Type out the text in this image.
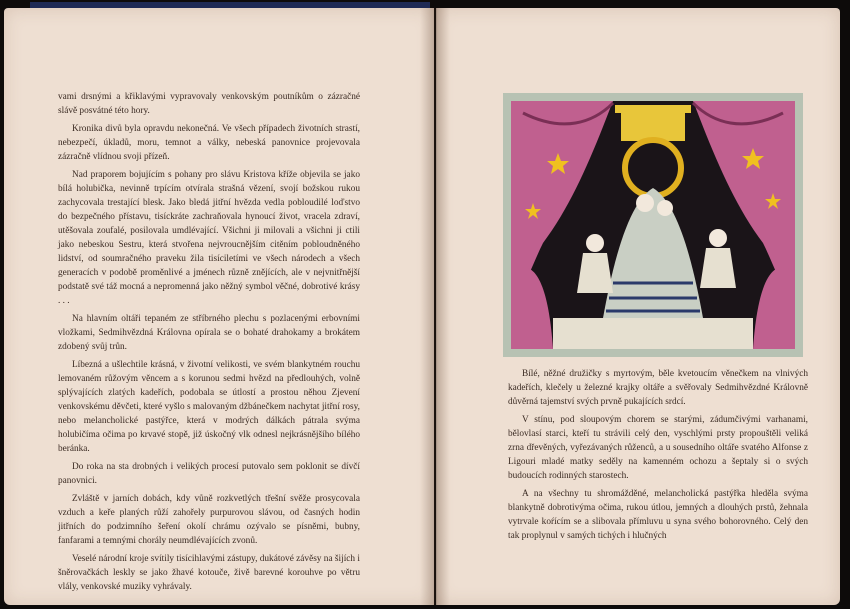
vami drsnými a křiklavými vypravovaly venkovským poutníkům o zázračné slávě posvátné této hory.

Kronika divů byla opravdu nekonečná. Ve všech případech životních strastí, nebezpečí, úkladů, moru, temnot a války, nebeská panovnice projevovala zázračně vlídnou svoji přízeň.

Nad praporem bojujícím s pohany pro slávu Kristova kříže objevila se jako bílá holubička, nevinně trpícím otvírala strašná vězení, svojí božskou rukou zachycovala trestající blesk. Jako bledá jitřní hvězda vedla pobloudilé loďstvo do bezpečného přístavu, tisíckráte zachraňovala hynoucí život, vracela zdraví, utěšovala zoufalé, posilovala umdlévající. Všichni ji milovali a všichni ji ctili jako nebeskou Sestru, která stvořena nejvroucnějším citěním pobloudněného lidství, od soumračného praveku žila tisíciletími ve všech národech a všech generacích v podobě proměnlivé a jménech různě znějících, ale v nejvnitřnější podstatě své táž mocná a nepromenná jako něžný symbol věčné, dobrotivé krásy . . .

Na hlavním oltáři tepaném ze stříbrného plechu s pozlacenými erbovními vložkami, Sedmihvězdná Královna opírala se o bohaté drahokamy a brokátem zdobený svůj trůn.

Líbezná a ušlechtile krásná, v životní velikosti, ve svém blankytném rouchu lemovaném růžovým věncem a s korunou sedmi hvězd na předlouhých, volně splývajících zlatých kadeřích, podobala se útlostí a prostou něhou Zjevení venkovskému děvčeti, které vyšlo s malovaným džbánečkem nachytat jitřní rosy, nebo melancholické pastýřce, která v modrých dálkách pátrala svýma holubičíma očima po krvavé stopě, již úskočný vlk odnesl nejkrásnějšího bílého beránka.

Do roka na sta drobných i velikých procesí putovalo sem poklonit se dívčí panovnici.

Zvláště v jarních dobách, kdy vůně rozkvetlých třešní svěže prosycovala vzduch a keře planých růží zahořely purpurovou slávou, od časných hodin jitřních do podzimního šeření okolí chrámu ozývalo se písněmi, bubny, fanfarami a temnými chorály neumdlévajících zvonů.

Veselé národní kroje svítily tisícihlavými zástupy, dukátové závěsy na šijích i šněrovačkách leskly se jako žhavé kotouče, živě barevné korouhve po větru vlály, venkovské muziky vyhrávaly.

Bílé, něžné družičky s myrtovým, běle kvetoucím věnečkem na vlnivých kadeřích, klečely u železné krajky oltáře a svěřovaly Sedmihvězdné Královně důvěrná tajemství svých prvně pukajících srdcí.

V stínu, pod sloupovým chorem se starými, zádumčivými varhanami, bělovlasí starci, kteří tu strávili celý den, vyschlými prsty propouštěli veliká zrna dřevěných, vyřezávaných růženců, a u sousedního oltáře svatého Alfonse z Ligouri mladé matky seděly na kamenném ochozu a šeptaly si o svých budoucích rodinných starostech.

A na všechny tu shromážděné, melancholická pastýřka hleděla svýma blankytně dobrotivýma očima, rukou útlou, jemných a dlouhých prstů, žehnala vytrvale koŕícím se a slibovala přímluvu u syna svého bohorovného. Celý den tak proplynul v samých tichých i hlučných
